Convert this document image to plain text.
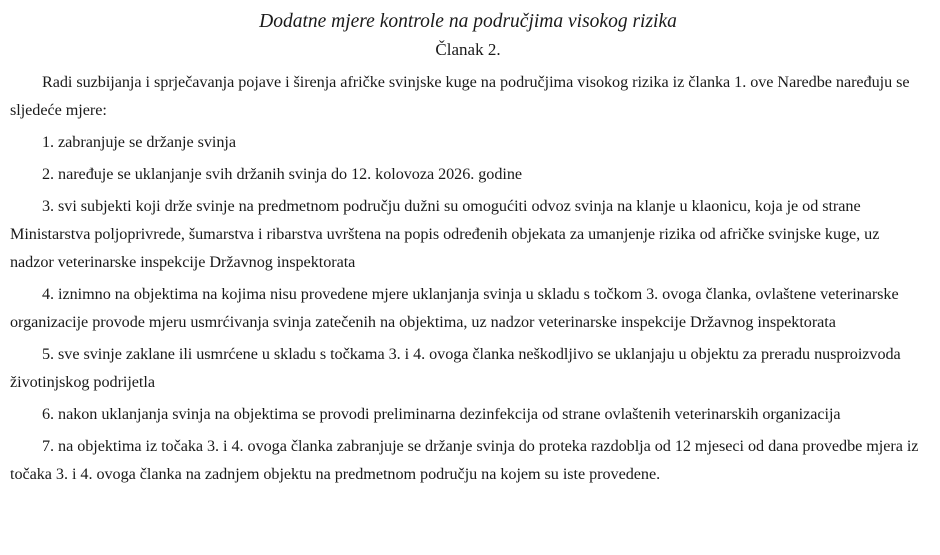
Dodatne mjere kontrole na područjima visokog rizika
Članak 2.

Radi suzbijanja i sprječavanja pojave i širenja afričke svinjske kuge na područjima visokog rizika iz članka 1. ove Naredbe naređuju se sljedeće mjere:

1. zabranjuje se držanje svinja

2. naređuje se uklanjanje svih držanih svinja do 12. kolovoza 2026. godine

3. svi subjekti koji drže svinje na predmetnom području dužni su omogućiti odvoz svinja na klanje u klaonicu, koja je od strane Ministarstva poljoprivrede, šumarstva i ribarstva uvrštena na popis određenih objekata za umanjenje rizika od afričke svinjske kuge, uz nadzor veterinarske inspekcije Državnog inspektorata

4. iznimno na objektima na kojima nisu provedene mjere uklanjanja svinja u skladu s točkom 3. ovoga članka, ovlaštene veterinarske organizacije provode mjeru usmrćivanja svinja zatečenih na objektima, uz nadzor veterinarske inspekcije Državnog inspektorata

5. sve svinje zaklane ili usmrćene u skladu s točkama 3. i 4. ovoga članka neškodljivo se uklanjaju u objektu za preradu nusproizvoda životinjskog podrijetla

6. nakon uklanjanja svinja na objektima se provodi preliminarna dezinfekcija od strane ovlaštenih veterinarskih organizacija

7. na objektima iz točaka 3. i 4. ovoga članka zabranjuje se držanje svinja do proteka razdoblja od 12 mjeseci od dana provedbe mjera iz točaka 3. i 4. ovoga članka na zadnjem objektu na predmetnom području na kojem su iste provedene.
